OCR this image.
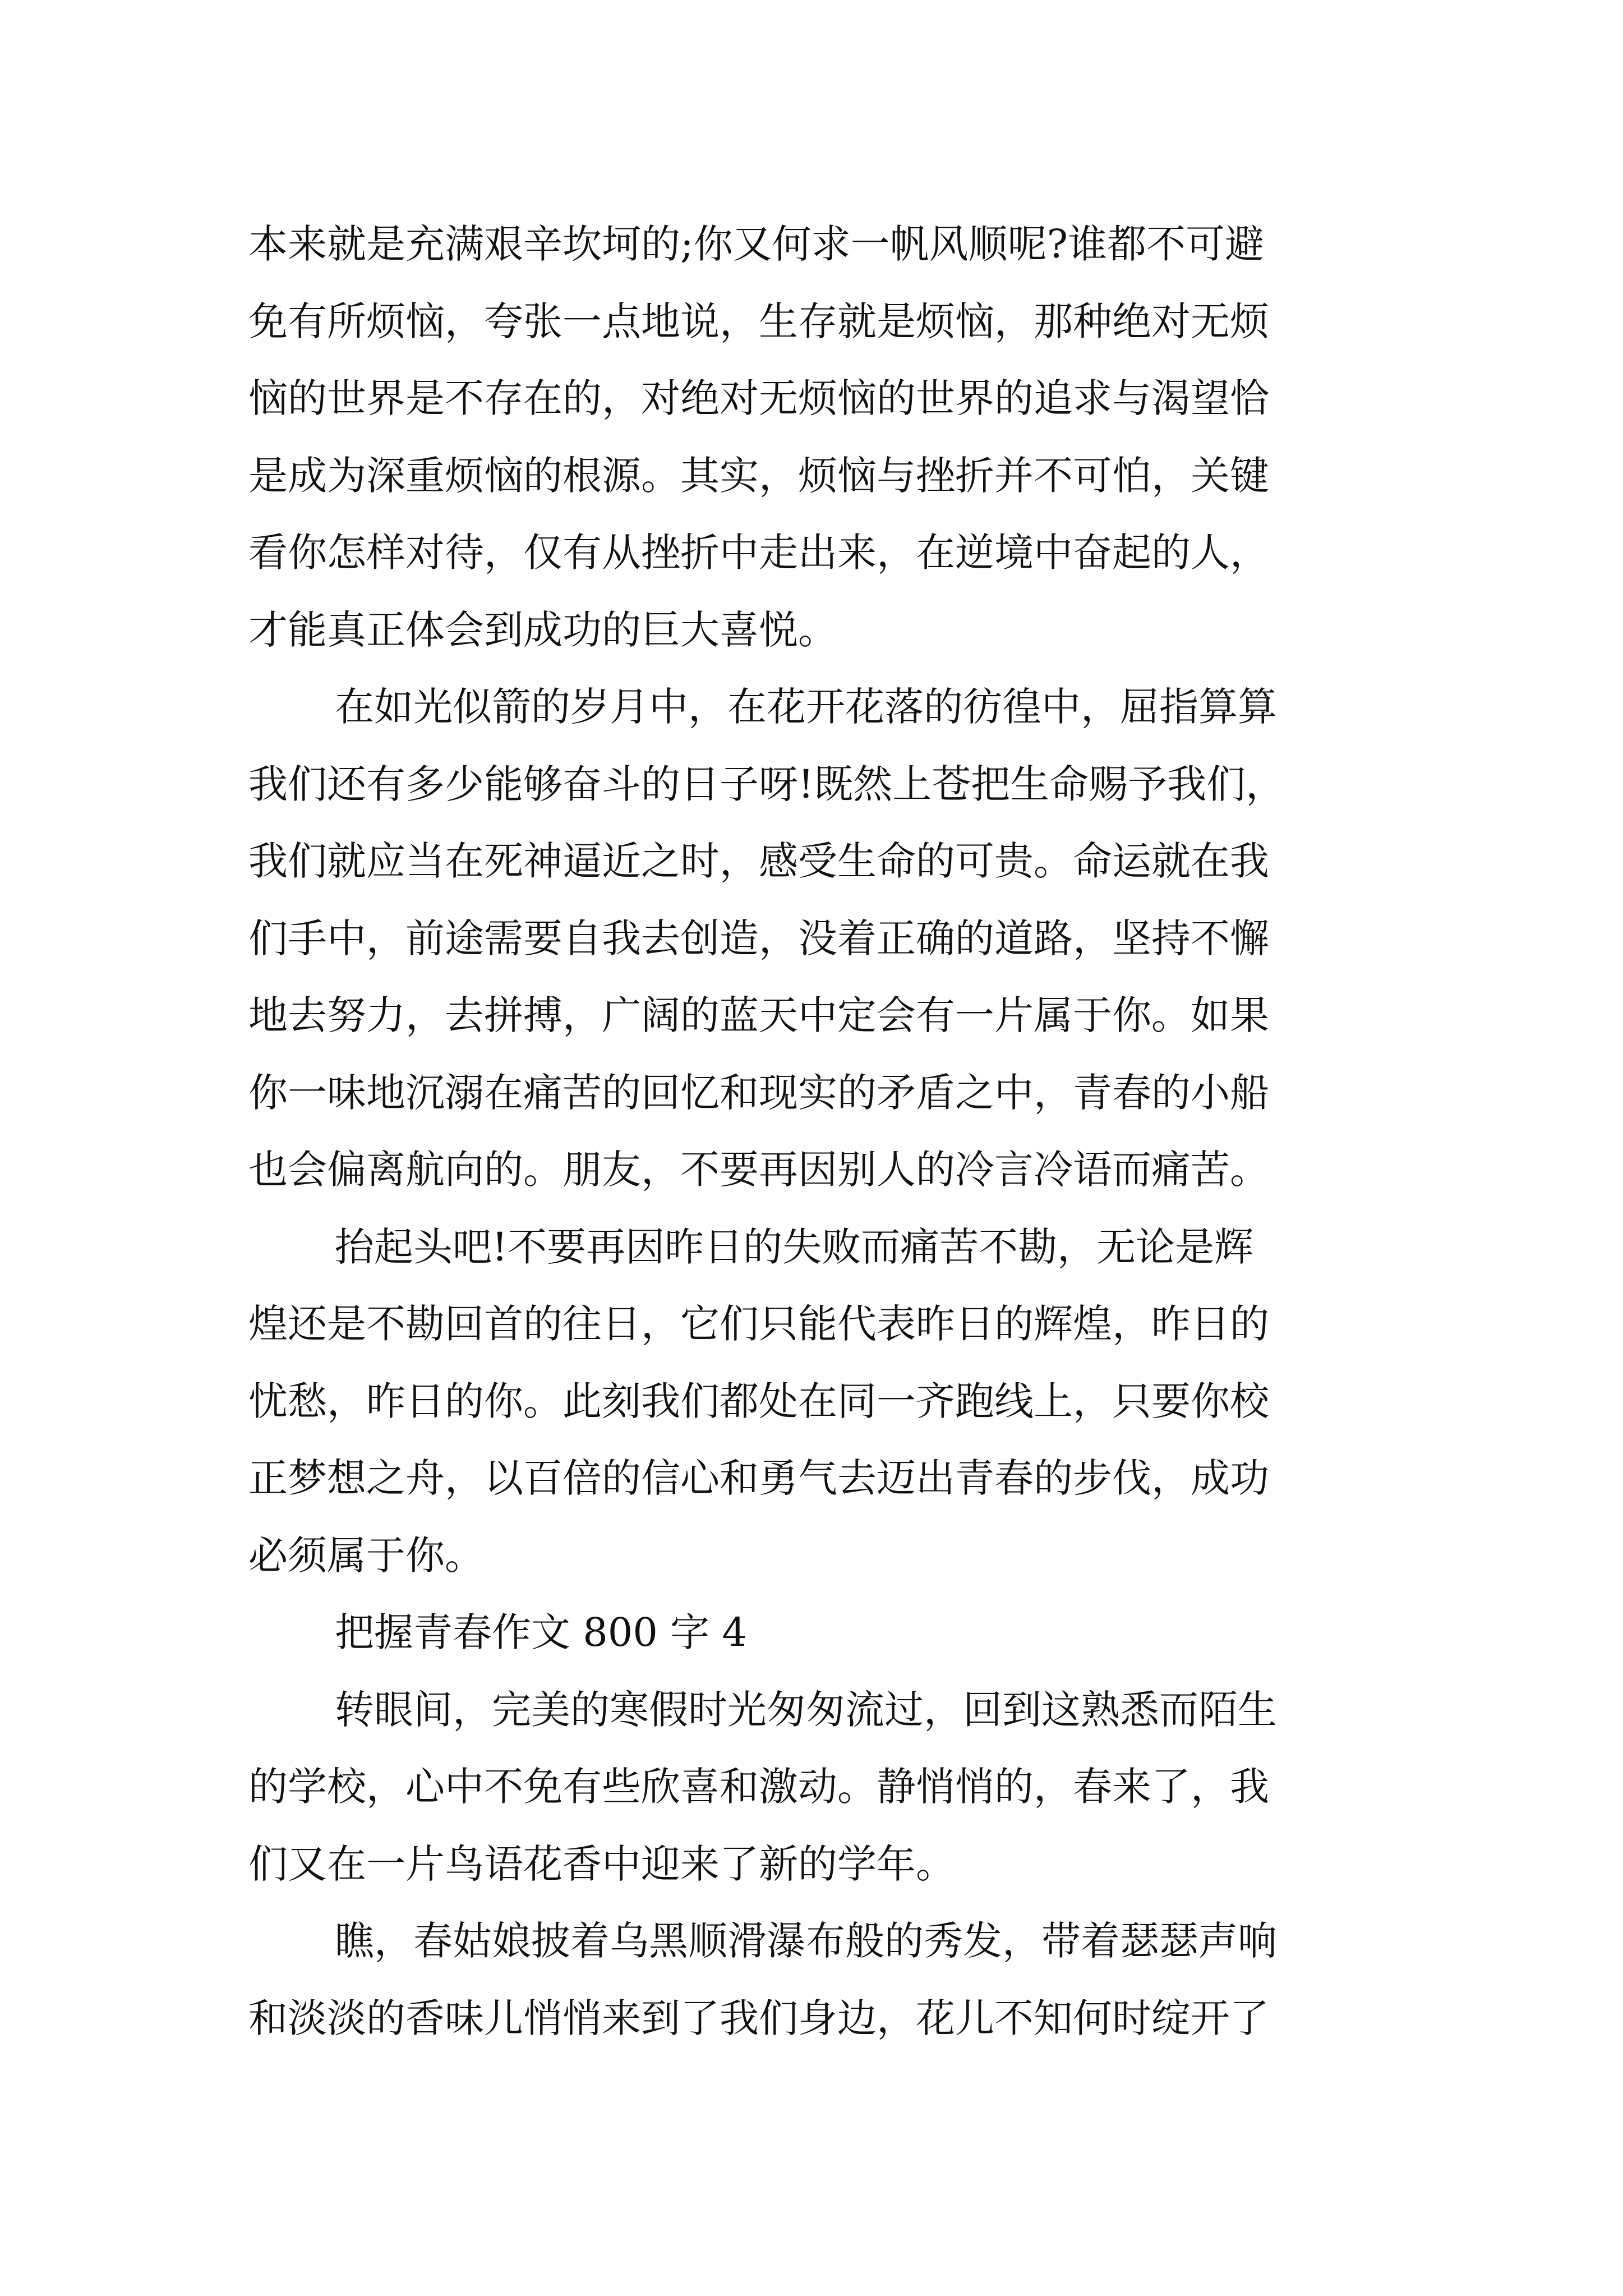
本来就是充满艰辛坎坷的;你又何求一帆风顺呢?谁都不可避

免有所烦恼，夸张一点地说，生存就是烦恼，那种绝对无烦

恼的世界是不存在的，对绝对无烦恼的世界的追求与渴望恰

是成为深重烦恼的根源。其实，烦恼与挫折并不可怕，关键

看你怎样对待，仅有从挫折中走出来，在逆境中奋起的人，

才能真正体会到成功的巨大喜悦。

在如光似箭的岁月中，在花开花落的彷徨中，屈指算算

我们还有多少能够奋斗的日子呀!既然上苍把生命赐予我们，

我们就应当在死神逼近之时，感受生命的可贵。命运就在我

们手中，前途需要自我去创造，没着正确的道路，坚持不懈

地去努力，去拼搏，广阔的蓝天中定会有一片属于你。如果

你一味地沉溺在痛苦的回忆和现实的矛盾之中，青春的小船

也会偏离航向的。朋友，不要再因别人的冷言冷语而痛苦。

抬起头吧!不要再因昨日的失败而痛苦不勘，无论是辉

煌还是不勘回首的往日，它们只能代表昨日的辉煌，昨日的

忧愁，昨日的你。此刻我们都处在同一齐跑线上，只要你校

正梦想之舟，以百倍的信心和勇气去迈出青春的步伐，成功

必须属于你。

把握青春作文 800 字 4

转眼间，完美的寒假时光匆匆流过，回到这熟悉而陌生

的学校，心中不免有些欣喜和激动。静悄悄的，春来了，我

们又在一片鸟语花香中迎来了新的学年。

瞧，春姑娘披着乌黑顺滑瀑布般的秀发，带着瑟瑟声响

和淡淡的香味儿悄悄来到了我们身边，花儿不知何时绽开了
